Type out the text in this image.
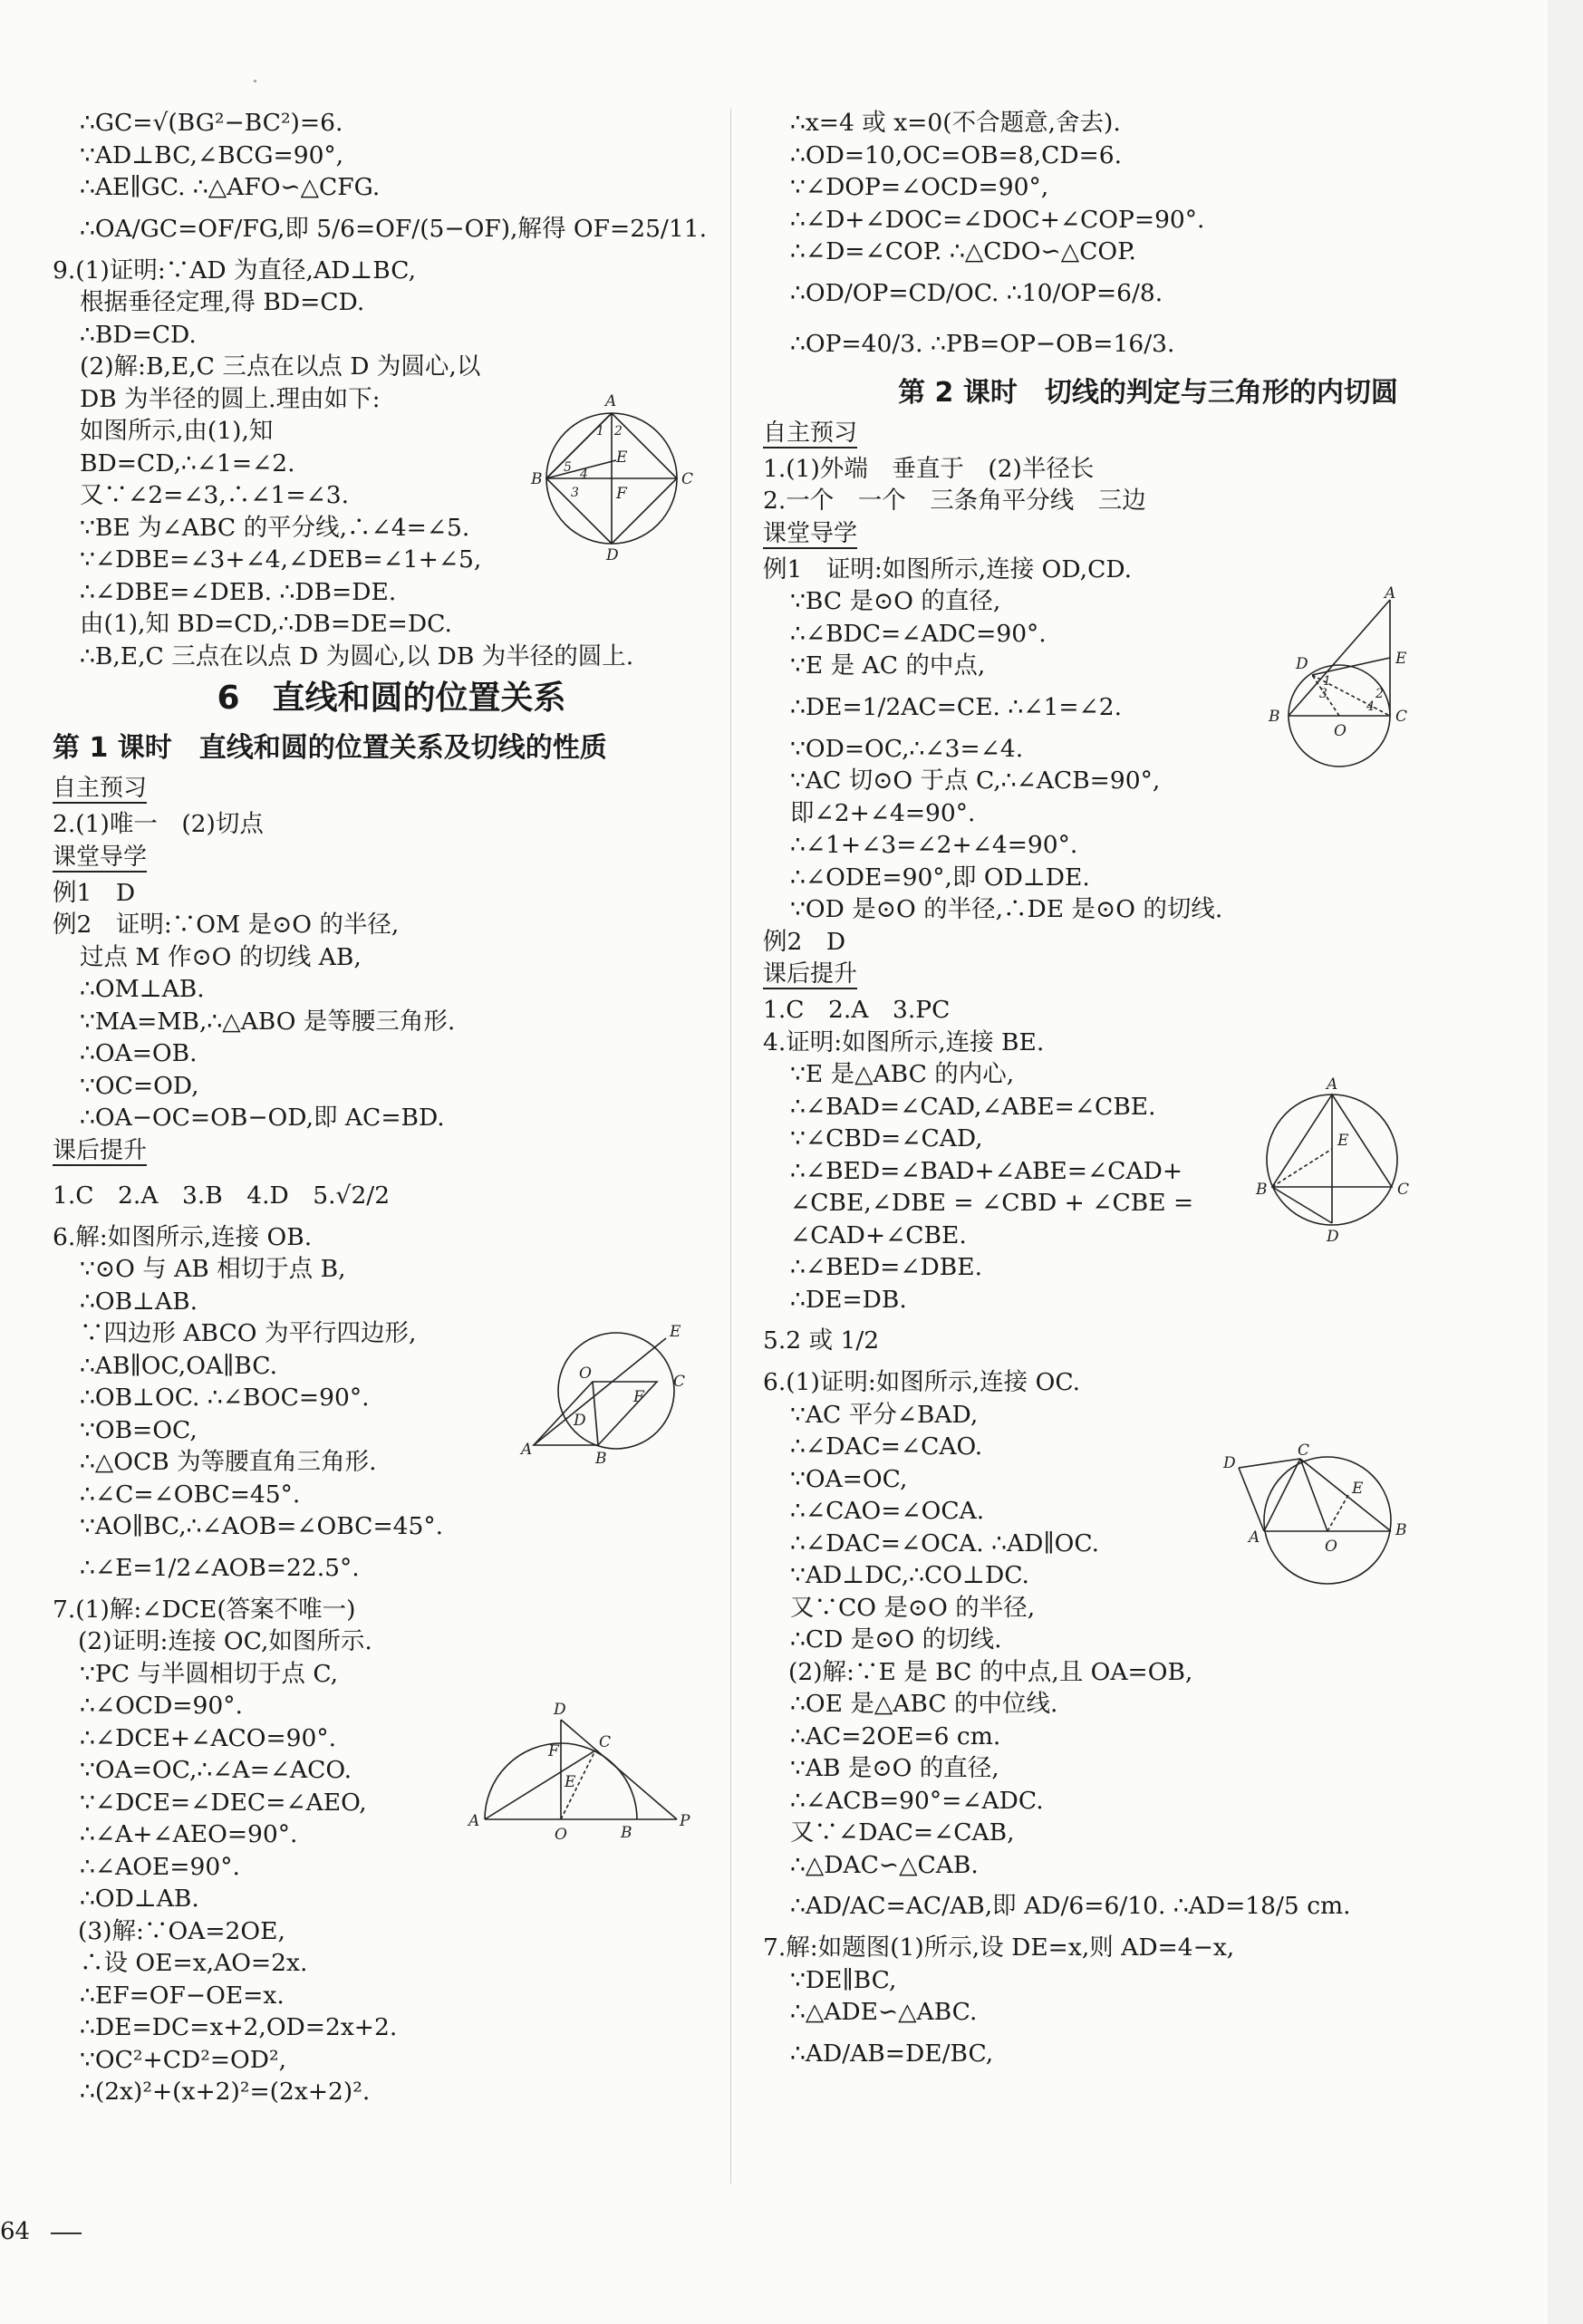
∴GC=√(BG²−BC²)=6.
∵AD⊥BC,∠BCG=90°,
∴AE∥GC. ∴△AFO∽△CFG.
∴OA/GC=OF/FG,即 5/6=OF/(5−OF),解得 OF=25/11.
9.(1)证明:∵AD 为直径,AD⊥BC,
根据垂径定理,得 BD=CD.
∴BD=CD.
(2)解:B,E,C 三点在以点 D 为圆心,以
DB 为半径的圆上.理由如下:
如图所示,由(1),知
BD=CD,∴∠1=∠2.
又∵∠2=∠3,∴∠1=∠3.
∵BE 为∠ABC 的平分线,∴∠4=∠5.
∵∠DBE=∠3+∠4,∠DEB=∠1+∠5,
∴∠DBE=∠DEB. ∴DB=DE.
由(1),知 BD=CD,∴DB=DE=DC.
∴B,E,C 三点在以点 D 为圆心,以 DB 为半径的圆上.
6　直线和圆的位置关系
第 1 课时　直线和圆的位置关系及切线的性质
自主预习
2.(1)唯一　(2)切点
课堂导学
例1　D
例2　证明:∵OM 是⊙O 的半径,
过点 M 作⊙O 的切线 AB,
∴OM⊥AB.
∵MA=MB,∴△ABO 是等腰三角形.
∴OA=OB.
∵OC=OD,
∴OA−OC=OB−OD,即 AC=BD.
课后提升
1.C　2.A　3.B　4.D　5.√2/2
6.解:如图所示,连接 OB.
∵⊙O 与 AB 相切于点 B,
∴OB⊥AB.
∵四边形 ABCO 为平行四边形,
∴AB∥OC,OA∥BC.
∴OB⊥OC. ∴∠BOC=90°.
∵OB=OC,
∴△OCB 为等腰直角三角形.
∴∠C=∠OBC=45°.
∵AO∥BC,∴∠AOB=∠OBC=45°.
∴∠E=1/2∠AOB=22.5°.
7.(1)解:∠DCE(答案不唯一)
(2)证明:连接 OC,如图所示.
∵PC 与半圆相切于点 C,
∴∠OCD=90°.
∴∠DCE+∠ACO=90°.
∵OA=OC,∴∠A=∠ACO.
∵∠DCE=∠DEC=∠AEO,
∴∠A+∠AEO=90°.
∴∠AOE=90°.
∴OD⊥AB.
(3)解:∵OA=2OE,
∴设 OE=x,AO=2x.
∴EF=OF−OE=x.
∴DE=DC=x+2,OD=2x+2.
∵OC²+CD²=OD²,
∴(2x)²+(x+2)²=(2x+2)².
∴x=4 或 x=0(不合题意,舍去).
∴OD=10,OC=OB=8,CD=6.
∵∠DOP=∠OCD=90°,
∴∠D+∠DOC=∠DOC+∠COP=90°.
∴∠D=∠COP. ∴△CDO∽△COP.
∴OD/OP=CD/OC. ∴10/OP=6/8.
∴OP=40/3. ∴PB=OP−OB=16/3.
第 2 课时　切线的判定与三角形的内切圆
自主预习
1.(1)外端　垂直于　(2)半径长
2.一个　一个　三条角平分线　三边
课堂导学
例1　证明:如图所示,连接 OD,CD.
∵BC 是⊙O 的直径,
∴∠BDC=∠ADC=90°.
∵E 是 AC 的中点,
∴DE=1/2AC=CE. ∴∠1=∠2.
∵OD=OC,∴∠3=∠4.
∵AC 切⊙O 于点 C,∴∠ACB=90°,
即∠2+∠4=90°.
∴∠1+∠3=∠2+∠4=90°.
∴∠ODE=90°,即 OD⊥DE.
∵OD 是⊙O 的半径,∴DE 是⊙O 的切线.
例2　D
课后提升
1.C　2.A　3.PC
4.证明:如图所示,连接 BE.
∵E 是△ABC 的内心,
∴∠BAD=∠CAD,∠ABE=∠CBE.
∵∠CBD=∠CAD,
∴∠BED=∠BAD+∠ABE=∠CAD+
∠CBE,∠DBE = ∠CBD + ∠CBE =
∠CAD+∠CBE.
∴∠BED=∠DBE.
∴DE=DB.
5.2 或 1/2
6.(1)证明:如图所示,连接 OC.
∵AC 平分∠BAD,
∴∠DAC=∠CAO.
∵OA=OC,
∴∠CAO=∠OCA.
∴∠DAC=∠OCA. ∴AD∥OC.
∵AD⊥DC,∴CO⊥DC.
又∵CO 是⊙O 的半径,
∴CD 是⊙O 的切线.
(2)解:∵E 是 BC 的中点,且 OA=OB,
∴OE 是△ABC 的中位线.
∴AC=2OE=6 cm.
∵AB 是⊙O 的直径,
∴∠ACB=90°=∠ADC.
又∵∠DAC=∠CAB,
∴△DAC∽△CAB.
∴AD/AC=AC/AB,即 AD/6=6/10. ∴AD=18/5 cm.
7.解:如题图(1)所示,设 DE=x,则 AD=4−x,
∵DE∥BC,
∴△ADE∽△ABC.
∴AD/AB=DE/BC,
A
B	C
D
E
F
1 2
3
4
5
A	B
C
D
E
F
O
A
B
C
D
E
F
O
P
A
B	C
D	E
O
1
2
3
4
A
B	C
D
E
A	B
C
D
E
O
64
